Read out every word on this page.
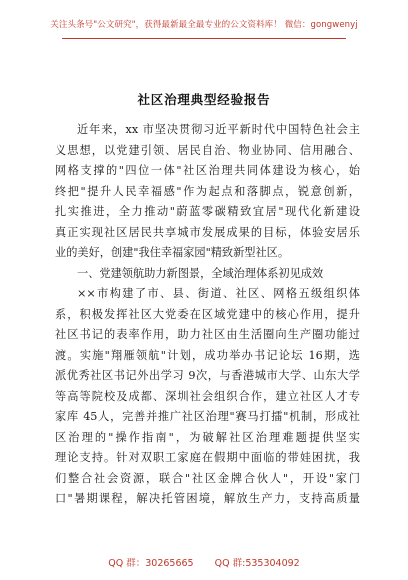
关注头条号"公文研究"，获得最新最全最专业的公文资料库！ 微信：gongwenyj
社区治理典型经验报告
近年来，xx 市坚决贯彻习近平新时代中国特色社会主
义思想，以党建引领、居民自治、物业协同、信用融合、
网格支撑的"四位一体"社区治理共同体建设为核心，始
终把"提升人民幸福感"作为起点和落脚点，锐意创新，
扎实推进，全力推动"蔚蓝零碳精致宜居"现代化新建设
真正实现社区居民共享城市发展成果的目标，体验安居乐
业的美好，创建"我住幸福家园"精致新型社区。
一、党建领航助力新图景，全域治理体系初见成效
××市构建了市、县、街道、社区、网格五级组织体
系，积极发挥社区大党委在区域党建中的核心作用，提升
社区书记的表率作用，助力社区由生活圈向生产圈功能过
渡。实施"翔雁领航"计划，成功举办书记论坛 16期，选
派优秀社区书记外出学习 9次，与香港城市大学、山东大学
等高等院校及成都、深圳社会组织合作，建立社区人才专
家库 45人，完善并推广社区治理"赛马打擂"机制，形成社
区治理的"操作指南"，为破解社区治理难题提供坚实
理论支持。针对双职工家庭在假期中面临的带娃困扰，我
们整合社会资源，联合"社区金牌合伙人"，开设"家门
口"暑期课程，解决托管困境，解放生产力，支持高质量
QQ 群：30265665 QQ 群:535304092
